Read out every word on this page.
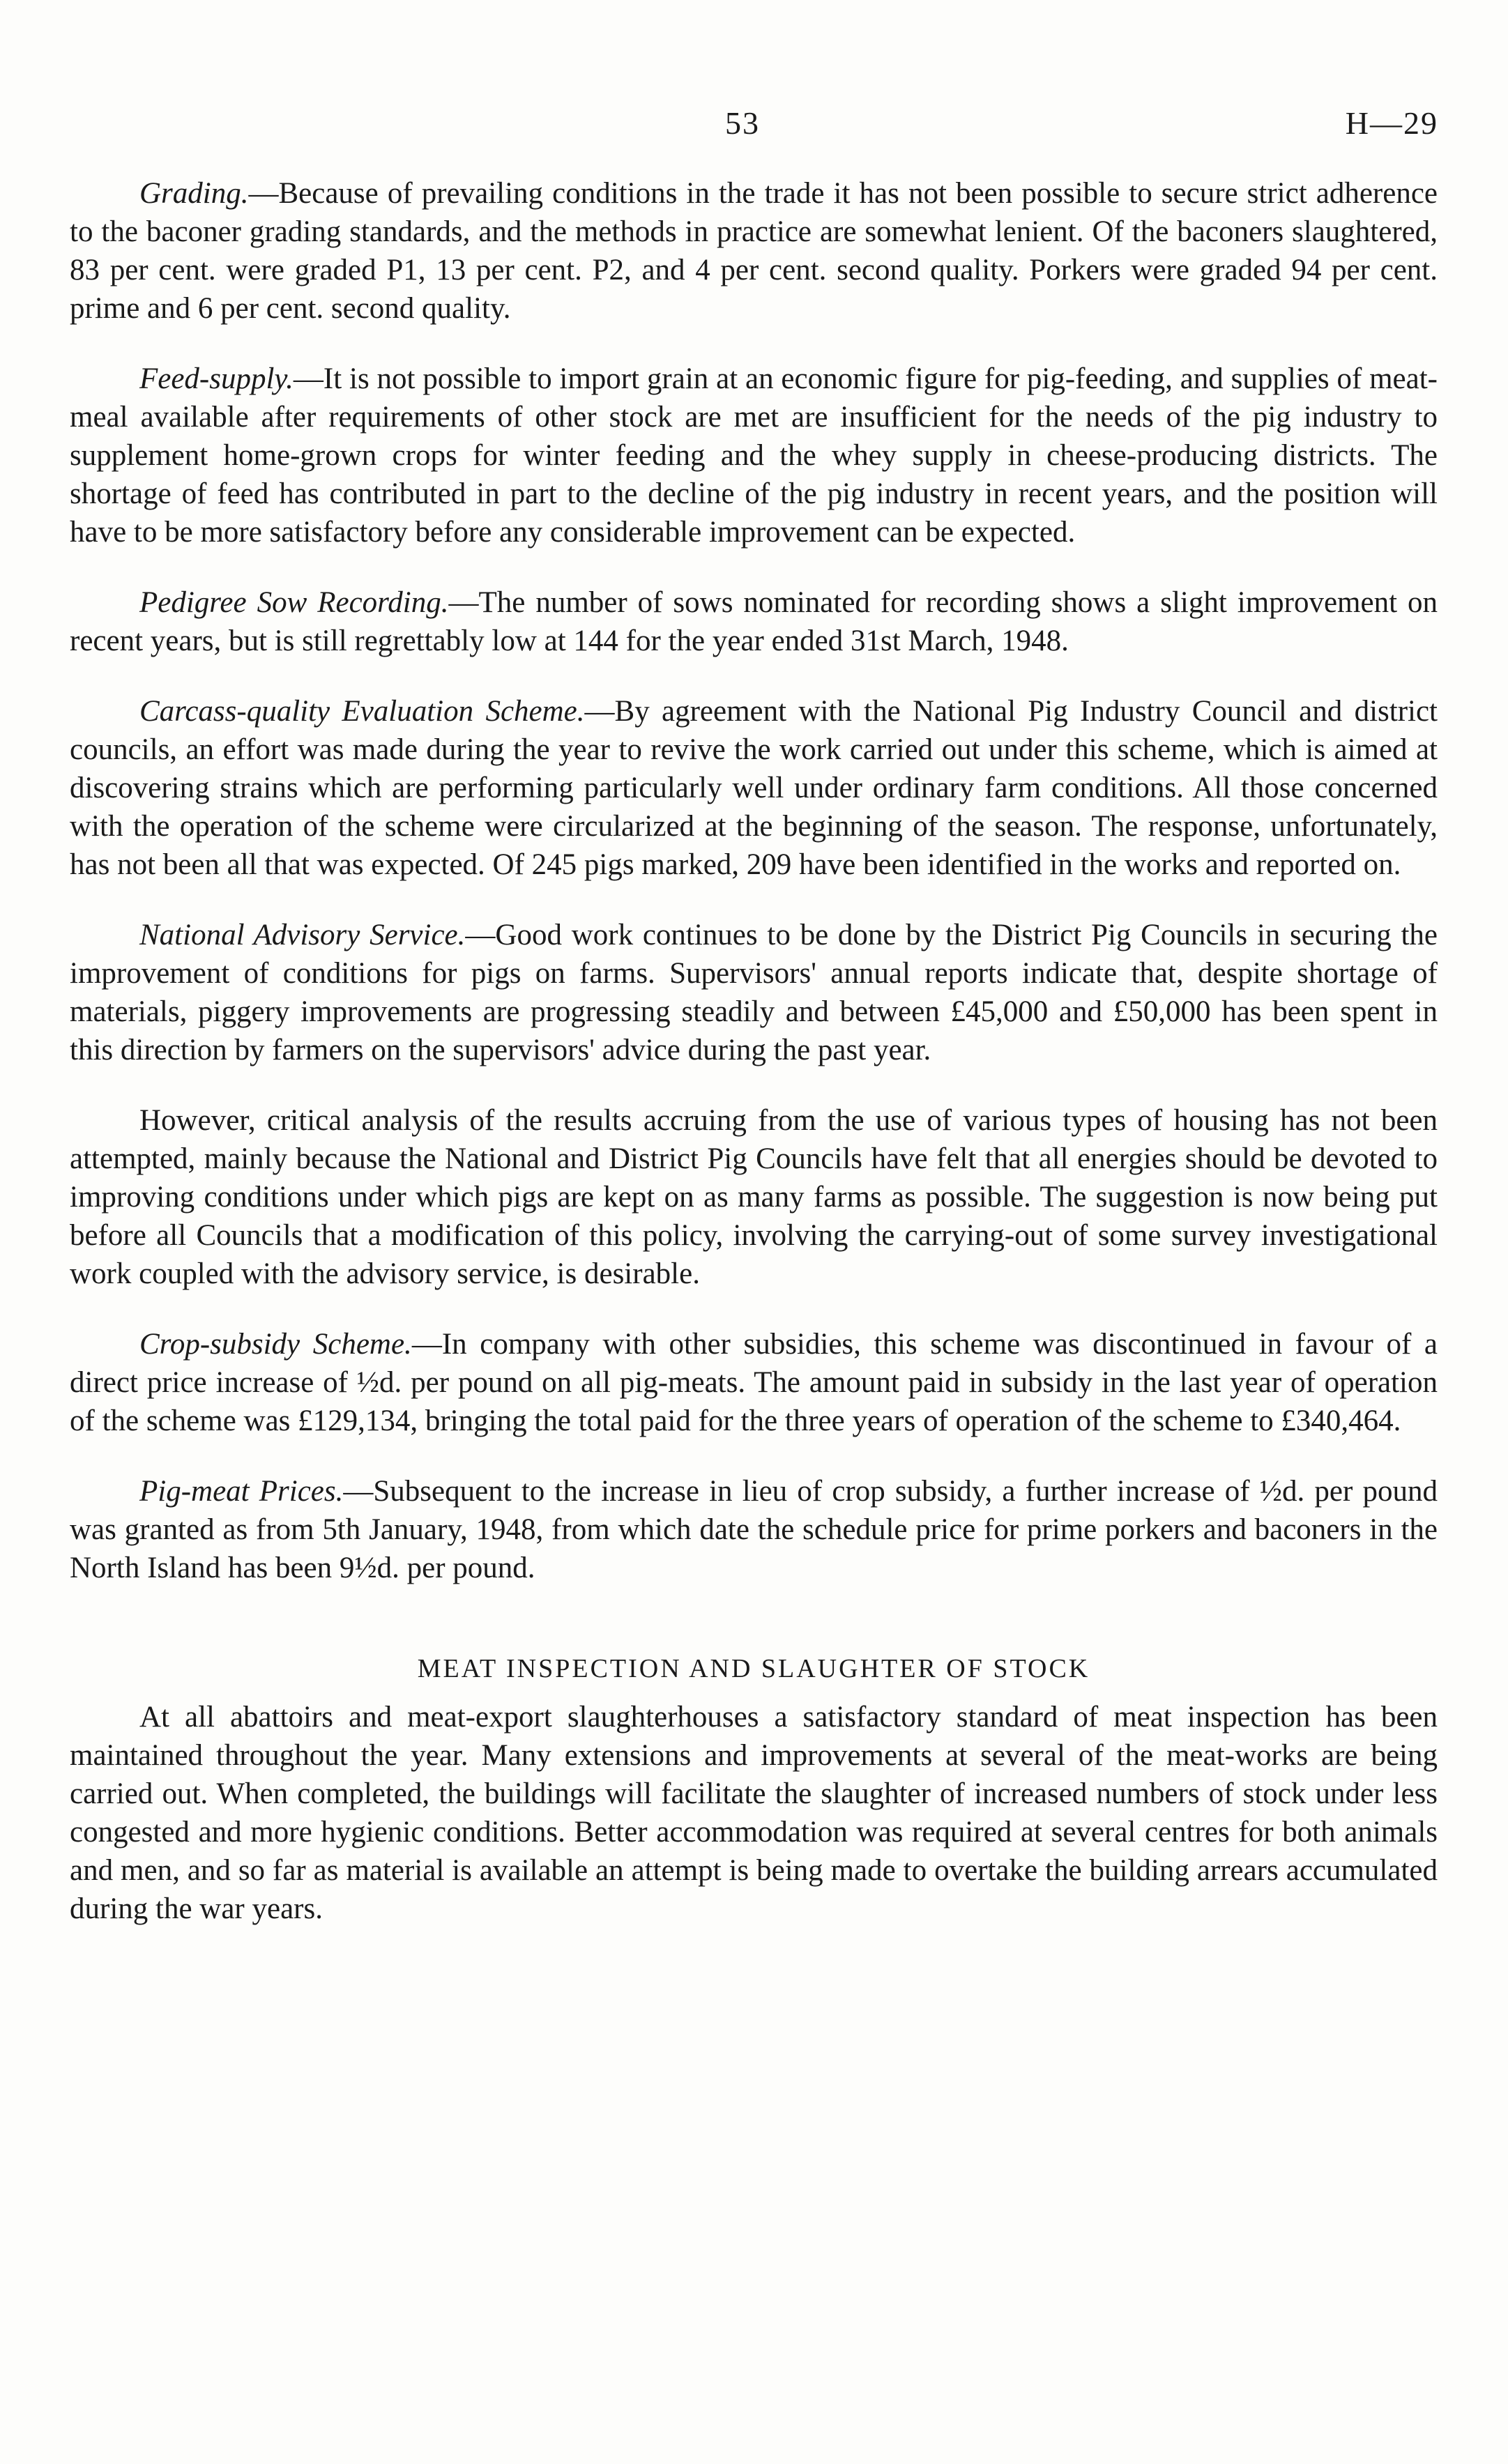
53	H—29

Grading.—Because of prevailing conditions in the trade it has not been possible to secure strict adherence to the baconer grading standards, and the methods in practice are somewhat lenient. Of the baconers slaughtered, 83 per cent. were graded P1, 13 per cent. P2, and 4 per cent. second quality. Porkers were graded 94 per cent. prime and 6 per cent. second quality.

Feed-supply.—It is not possible to import grain at an economic figure for pig-feeding, and supplies of meat-meal available after requirements of other stock are met are insufficient for the needs of the pig industry to supplement home-grown crops for winter feeding and the whey supply in cheese-producing districts. The shortage of feed has contributed in part to the decline of the pig industry in recent years, and the position will have to be more satisfactory before any considerable improvement can be expected.

Pedigree Sow Recording.—The number of sows nominated for recording shows a slight improvement on recent years, but is still regrettably low at 144 for the year ended 31st March, 1948.

Carcass-quality Evaluation Scheme.—By agreement with the National Pig Industry Council and district councils, an effort was made during the year to revive the work carried out under this scheme, which is aimed at discovering strains which are performing particularly well under ordinary farm conditions. All those concerned with the operation of the scheme were circularized at the beginning of the season. The response, unfortunately, has not been all that was expected. Of 245 pigs marked, 209 have been identified in the works and reported on.

National Advisory Service.—Good work continues to be done by the District Pig Councils in securing the improvement of conditions for pigs on farms. Supervisors' annual reports indicate that, despite shortage of materials, piggery improvements are progressing steadily and between £45,000 and £50,000 has been spent in this direction by farmers on the supervisors' advice during the past year.

However, critical analysis of the results accruing from the use of various types of housing has not been attempted, mainly because the National and District Pig Councils have felt that all energies should be devoted to improving conditions under which pigs are kept on as many farms as possible. The suggestion is now being put before all Councils that a modification of this policy, involving the carrying-out of some survey investigational work coupled with the advisory service, is desirable.

Crop-subsidy Scheme.—In company with other subsidies, this scheme was discontinued in favour of a direct price increase of ½d. per pound on all pig-meats. The amount paid in subsidy in the last year of operation of the scheme was £129,134, bringing the total paid for the three years of operation of the scheme to £340,464.

Pig-meat Prices.—Subsequent to the increase in lieu of crop subsidy, a further increase of ½d. per pound was granted as from 5th January, 1948, from which date the schedule price for prime porkers and baconers in the North Island has been 9½d. per pound.

MEAT INSPECTION AND SLAUGHTER OF STOCK

At all abattoirs and meat-export slaughterhouses a satisfactory standard of meat inspection has been maintained throughout the year. Many extensions and improvements at several of the meat-works are being carried out. When completed, the buildings will facilitate the slaughter of increased numbers of stock under less congested and more hygienic conditions. Better accommodation was required at several centres for both animals and men, and so far as material is available an attempt is being made to overtake the building arrears accumulated during the war years.
